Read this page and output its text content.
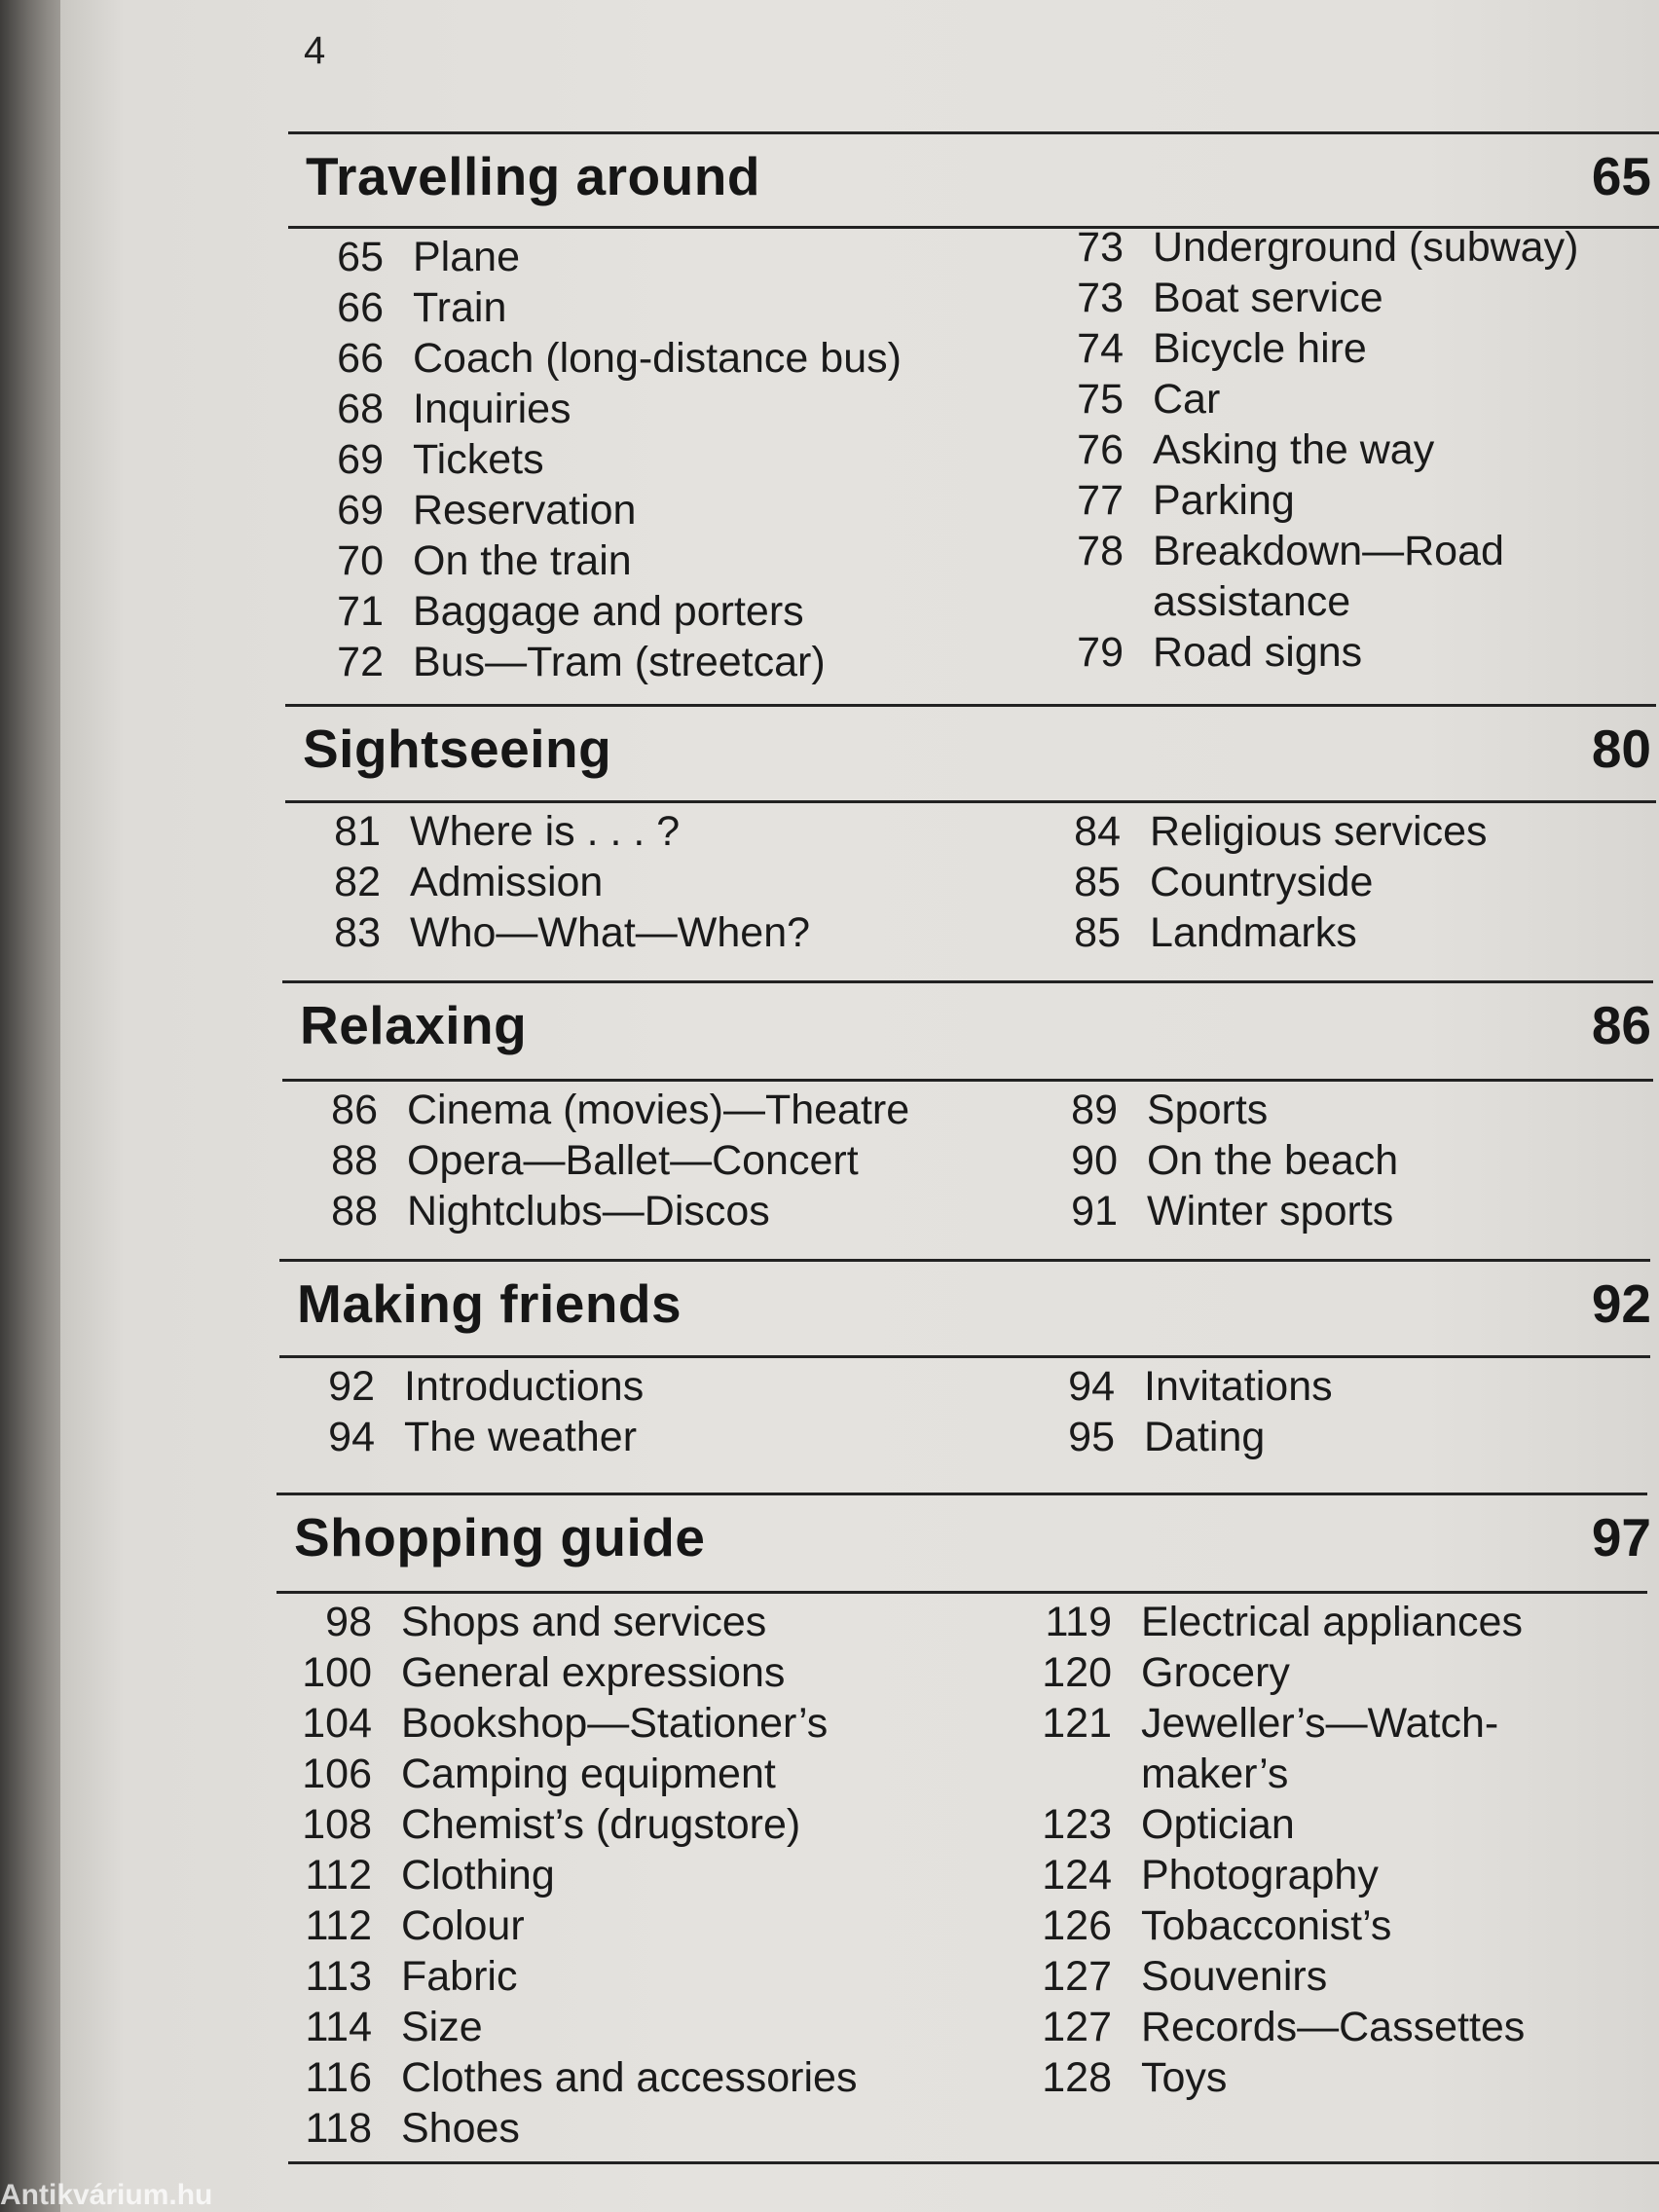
4
Travelling around	65
65 Plane
66 Train
66 Coach (long-distance bus)
68 Inquiries
69 Tickets
69 Reservation
70 On the train
71 Baggage and porters
72 Bus—Tram (streetcar)
73 Underground (subway)
73 Boat service
74 Bicycle hire
75 Car
76 Asking the way
77 Parking
78 Breakdown—Road
assistance
79 Road signs
Sightseeing	80
81 Where is . . . ?
82 Admission
83 Who—What—When?
84 Religious services
85 Countryside
85 Landmarks
Relaxing	86
86 Cinema (movies)—Theatre
88 Opera—Ballet—Concert
88 Nightclubs—Discos
89 Sports
90 On the beach
91 Winter sports
Making friends	92
92 Introductions
94 The weather
94 Invitations
95 Dating
Shopping guide	97
98 Shops and services
100 General expressions
104 Bookshop—Stationer’s
106 Camping equipment
108 Chemist’s (drugstore)
112 Clothing
112 Colour
113 Fabric
114 Size
116 Clothes and accessories
118 Shoes
119 Electrical appliances
120 Grocery
121 Jeweller’s—Watch-
maker’s
123 Optician
124 Photography
126 Tobacconist’s
127 Souvenirs
127 Records—Cassettes
128 Toys
Antikvárium.hu
